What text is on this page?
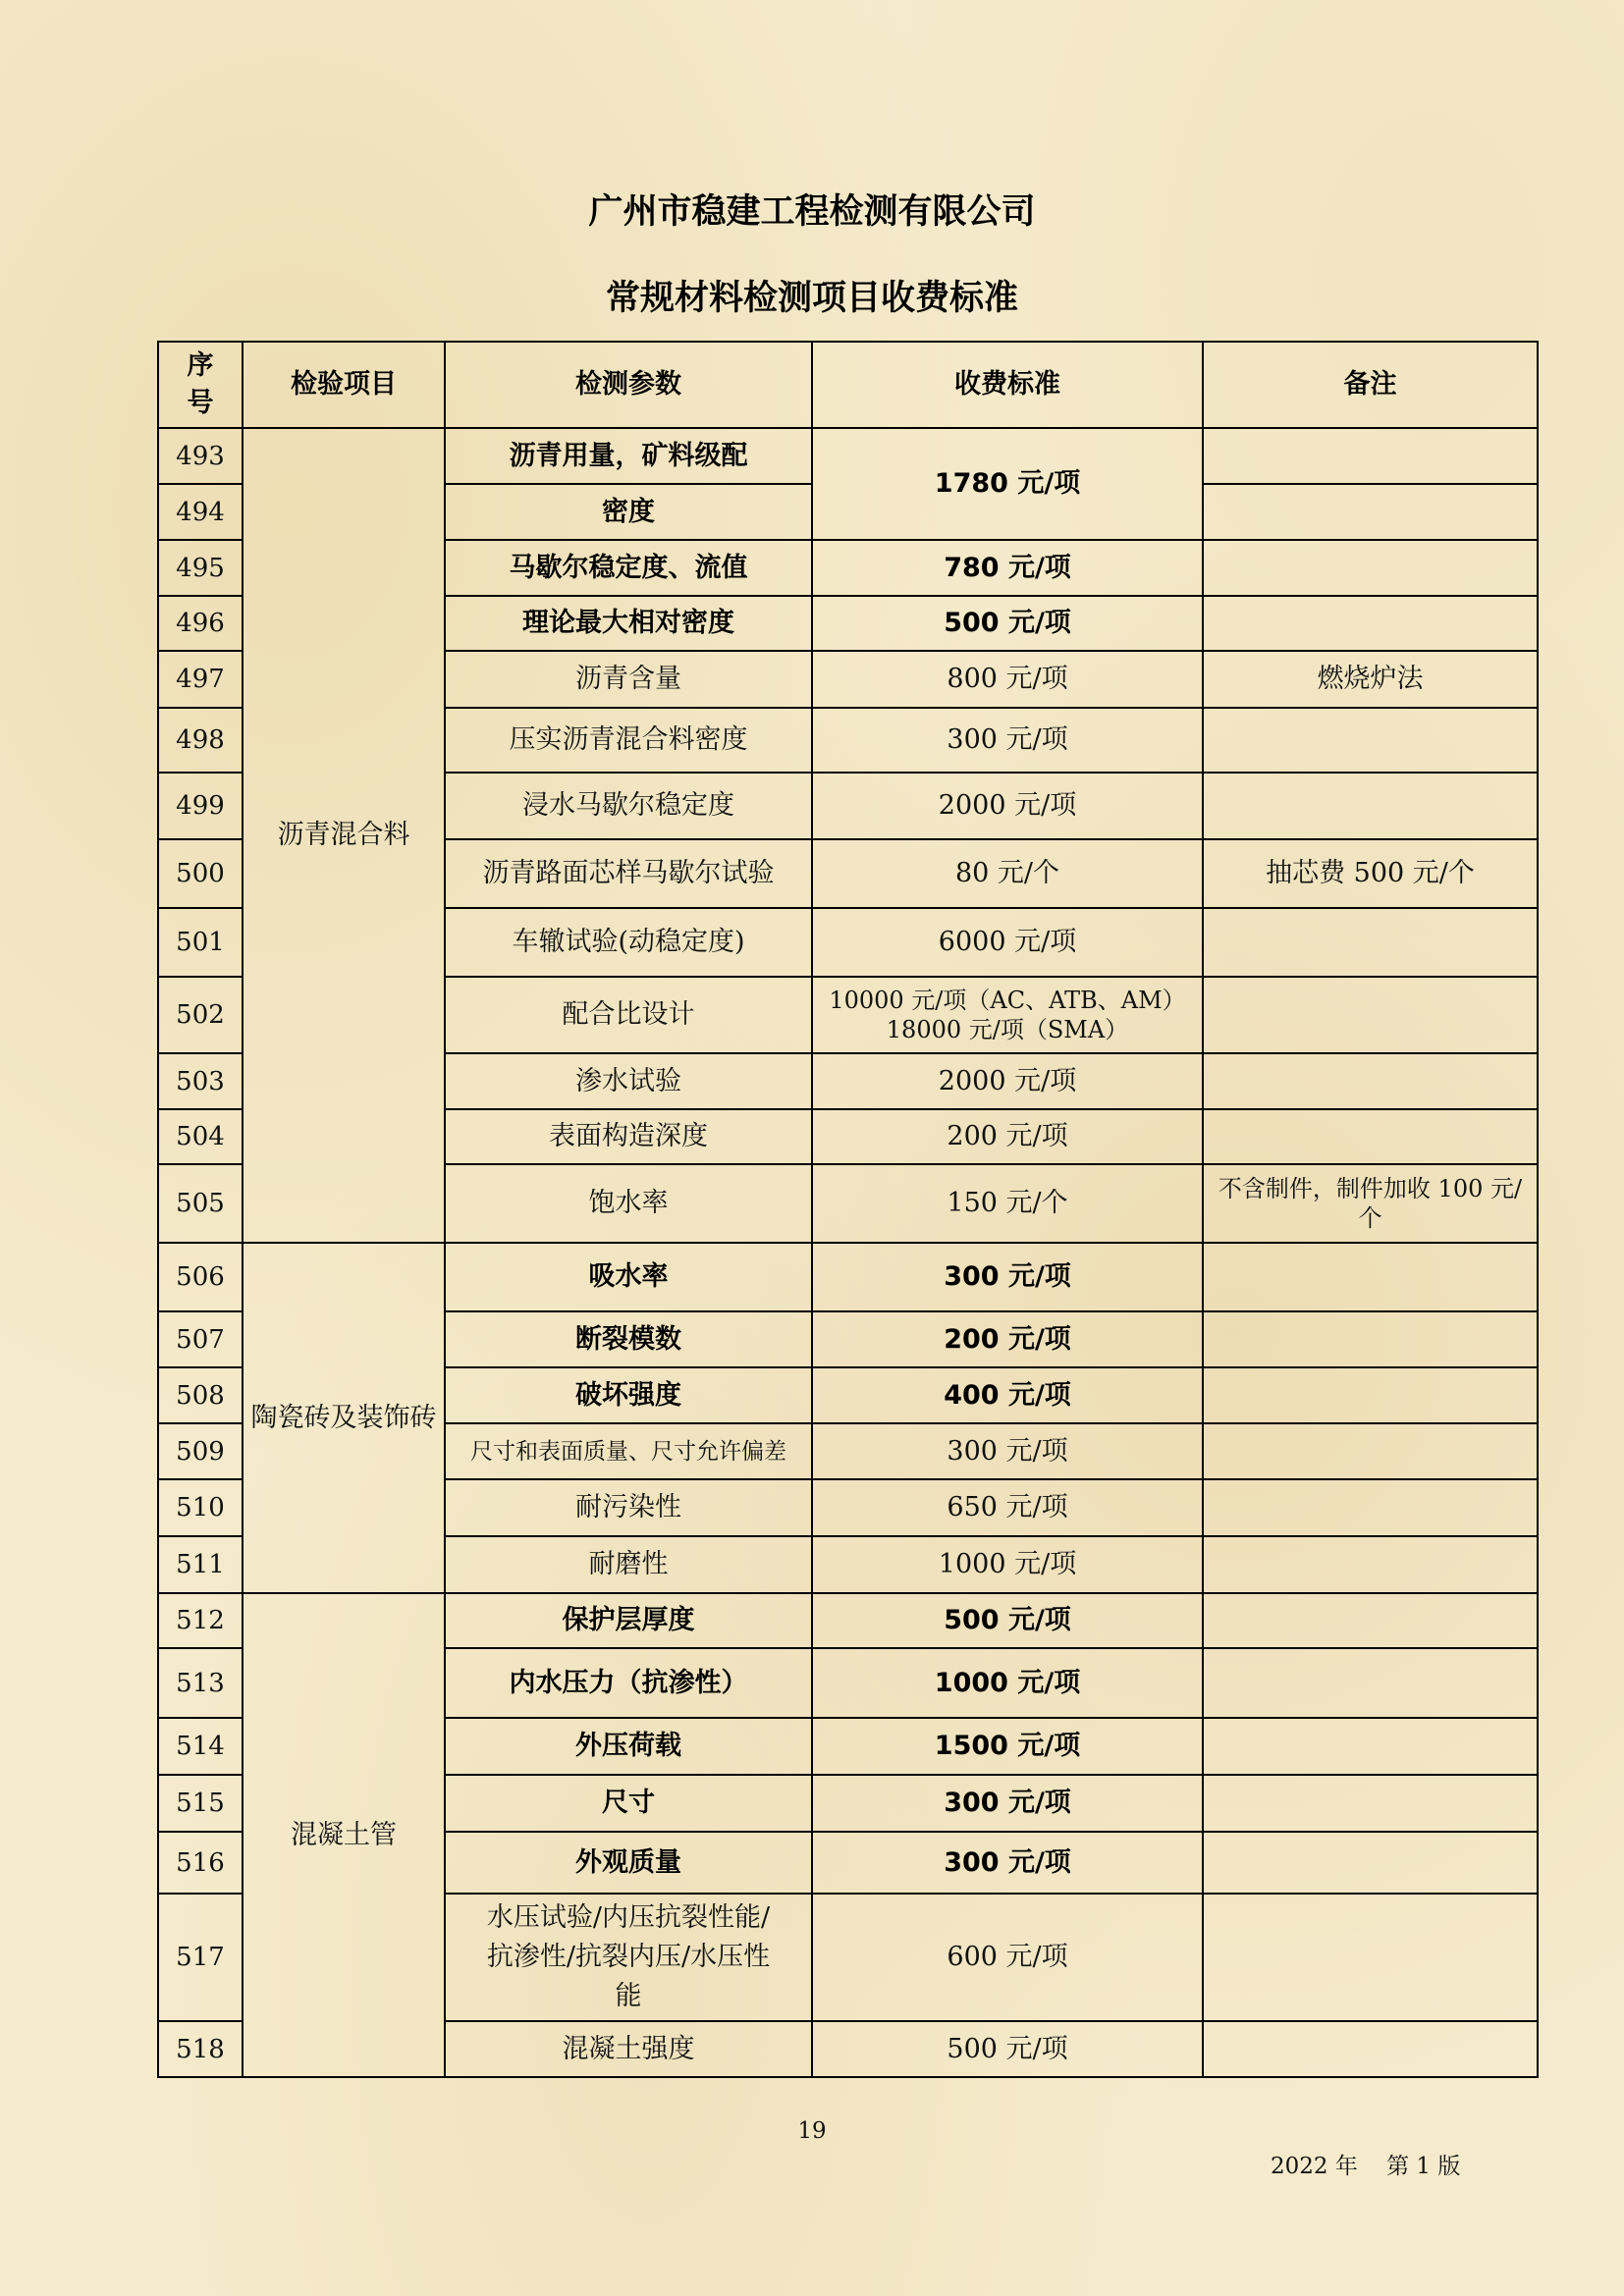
广州市稳建工程检测有限公司
常规材料检测项目收费标准
序
号	检验项目	检测参数	收费标准	备注
493	沥青混合料	沥青用量，矿料级配	1780 元/项	
494		密度		
495		马歇尔稳定度、流值	780 元/项	
496		理论最大相对密度	500 元/项	
497		沥青含量	800 元/项	燃烧炉法
498		压实沥青混合料密度	300 元/项	
499		浸水马歇尔稳定度	2000 元/项	
500		沥青路面芯样马歇尔试验	80 元/个	抽芯费 500 元/个
501		车辙试验(动稳定度)	6000 元/项	
502		配合比设计	10000 元/项（AC、ATB、AM）
18000 元/项（SMA）	

503		渗水试验	2000 元/项	
504		表面构造深度	200 元/项	
505		饱水率	150 元/个	不含制件，制件加收 100 元/
个

506	陶瓷砖及装饰砖	吸水率	300 元/项	
507		断裂模数	200 元/项	
508		破坏强度	400 元/项	
509		尺寸和表面质量、尺寸允许偏差	300 元/项	
510		耐污染性	650 元/项	
511		耐磨性	1000 元/项	
512	混凝土管	保护层厚度	500 元/项	
513		内水压力（抗渗性）	1000 元/项	
514		外压荷载	1500 元/项	
515		尺寸	300 元/项	
516		外观质量	300 元/项	
517		水压试验/内压抗裂性能/
抗渗性/抗裂内压/水压性
能	600 元/项	
518		混凝土强度	500 元/项	
19
2022 年    第 1 版
